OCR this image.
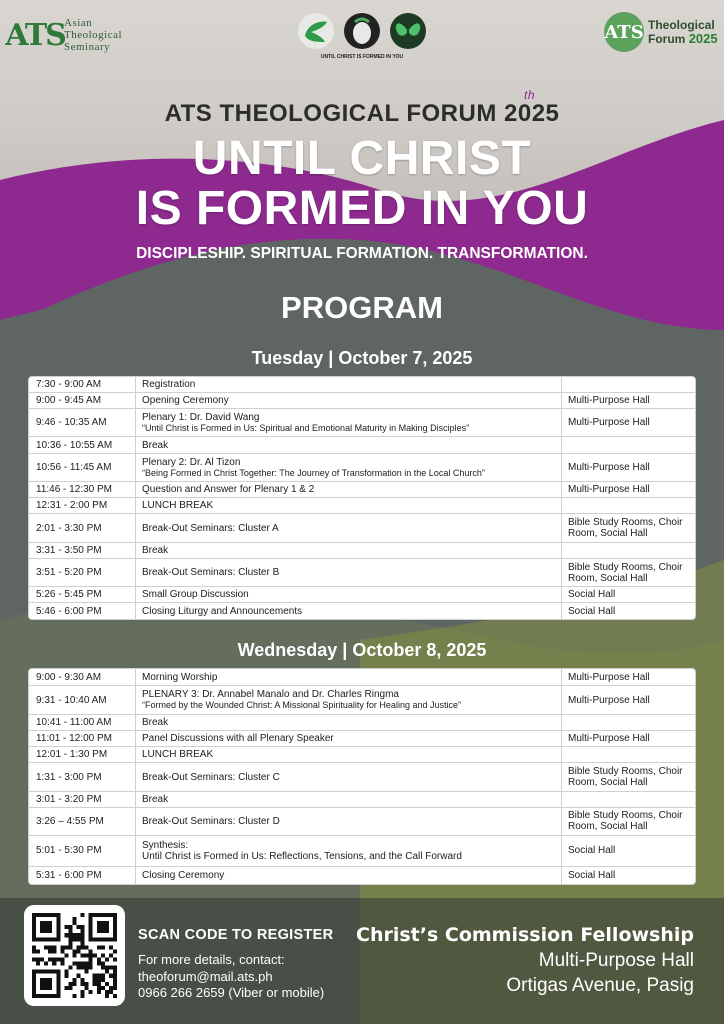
ATS Asian
Theological
Seminary
UNTIL CHRIST IS FORMED IN YOU
ATS Theological
Forum 2025
ATS THEOLOGICAL FORUM 2025
th
UNTIL CHRIST
IS FORMED IN YOU
DISCIPLESHIP. SPIRITUAL FORMATION. TRANSFORMATION.
PROGRAM
Tuesday | October 7, 2025
7:30 - 9:00 AM	Registration
9:00 - 9:45 AM	Opening Ceremony	Multi-Purpose Hall
9:46 - 10:35 AM	Plenary 1: Dr. David Wang
“Until Christ is Formed in Us: Spiritual and Emotional Maturity in Making Disciples”	Multi-Purpose Hall
10:36 - 10:55 AM	Break
10:56 - 11:45 AM	Plenary 2: Dr. Al Tizon
“Being Formed in Christ Together: The Journey of Transformation in the Local Church”	Multi-Purpose Hall
11:46 - 12:30 PM	Question and Answer for Plenary 1 & 2	Multi-Purpose Hall
12:31 - 2:00 PM	LUNCH BREAK
2:01 - 3:30 PM	Break-Out Seminars: Cluster A	Bible Study Rooms, Choir Room, Social Hall
3:31 - 3:50 PM	Break
3:51 - 5:20 PM	Break-Out Seminars: Cluster B	Bible Study Rooms, Choir Room, Social Hall
5:26 - 5:45 PM	Small Group Discussion	Social Hall
5:46 - 6:00 PM	Closing Liturgy and Announcements	Social Hall
Wednesday | October 8, 2025
9:00 - 9:30 AM	Morning Worship	Multi-Purpose Hall
9:31 - 10:40 AM	PLENARY 3: Dr. Annabel Manalo and Dr. Charles Ringma
“Formed by the Wounded Christ: A Missional Spirituality for Healing and Justice”	Multi-Purpose Hall
10:41 - 11:00 AM	Break
11:01 - 12:00 PM	Panel Discussions with all Plenary Speaker	Multi-Purpose Hall
12:01 - 1:30 PM	LUNCH BREAK
1:31 - 3:00 PM	Break-Out Seminars: Cluster C	Bible Study Rooms, Choir Room, Social Hall
3:01 - 3:20 PM	Break
3:26 – 4:55 PM	Break-Out Seminars: Cluster D	Bible Study Rooms, Choir Room, Social Hall
5:01 - 5:30 PM	Synthesis:
Until Christ is Formed in Us: Reflections, Tensions, and the Call Forward	Social Hall
5:31 - 6:00 PM	Closing Ceremony	Social Hall
SCAN CODE TO REGISTER
For more details, contact:
theoforum@mail.ats.ph
0966 266 2659 (Viber or mobile)
Christ’s Commission Fellowship
Multi-Purpose Hall
Ortigas Avenue, Pasig
